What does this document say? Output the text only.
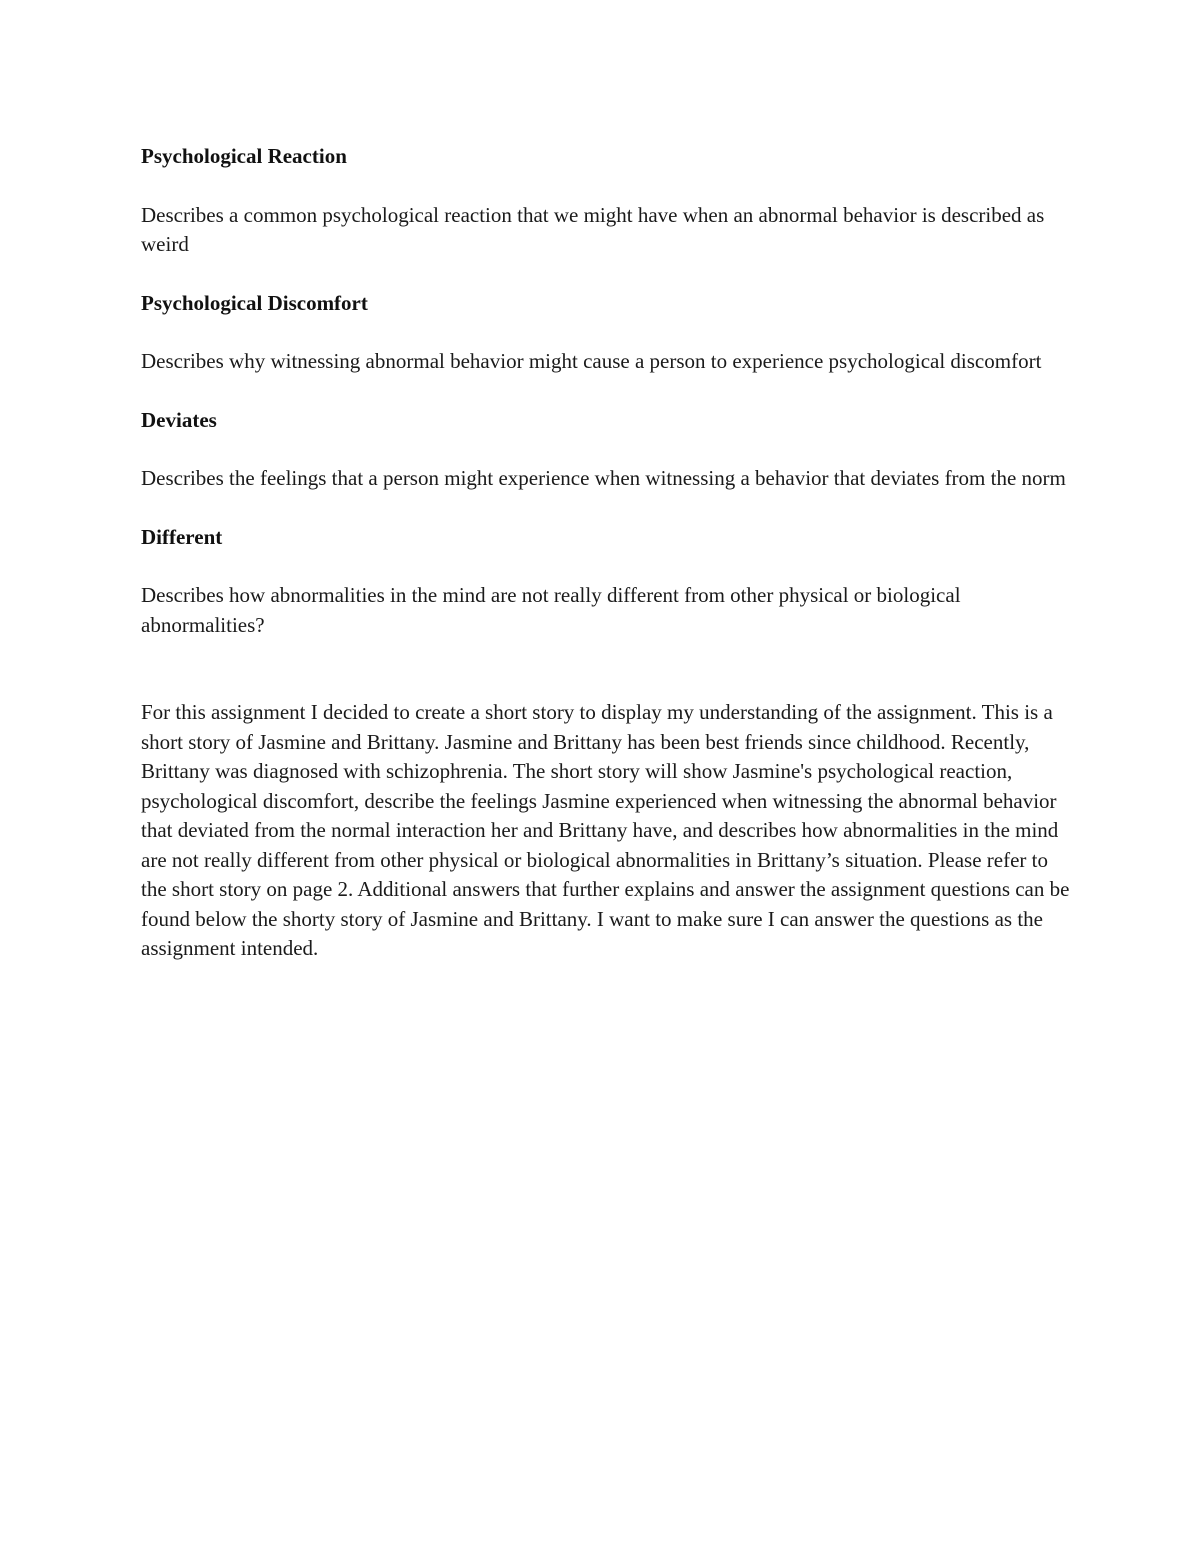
Psychological Reaction
Describes a common psychological reaction that we might have when an abnormal behavior is described as weird
Psychological Discomfort
Describes why witnessing abnormal behavior might cause a person to experience psychological discomfort
Deviates
Describes the feelings that a person might experience when witnessing a behavior that deviates from the norm
Different
Describes how abnormalities in the mind are not really different from other physical or biological abnormalities?
For this assignment I decided to create a short story to display my understanding of the assignment. This is a short story of Jasmine and Brittany. Jasmine and Brittany has been best friends since childhood. Recently, Brittany was diagnosed with schizophrenia. The short story will show Jasmine's psychological reaction, psychological discomfort, describe the feelings Jasmine experienced when witnessing the abnormal behavior that deviated from the normal interaction her and Brittany have, and describes how abnormalities in the mind are not really different from other physical or biological abnormalities in Brittany’s situation. Please refer to the short story on page 2. Additional answers that further explains and answer the assignment questions can be found below the shorty story of Jasmine and Brittany. I want to make sure I can answer the questions as the assignment intended.
